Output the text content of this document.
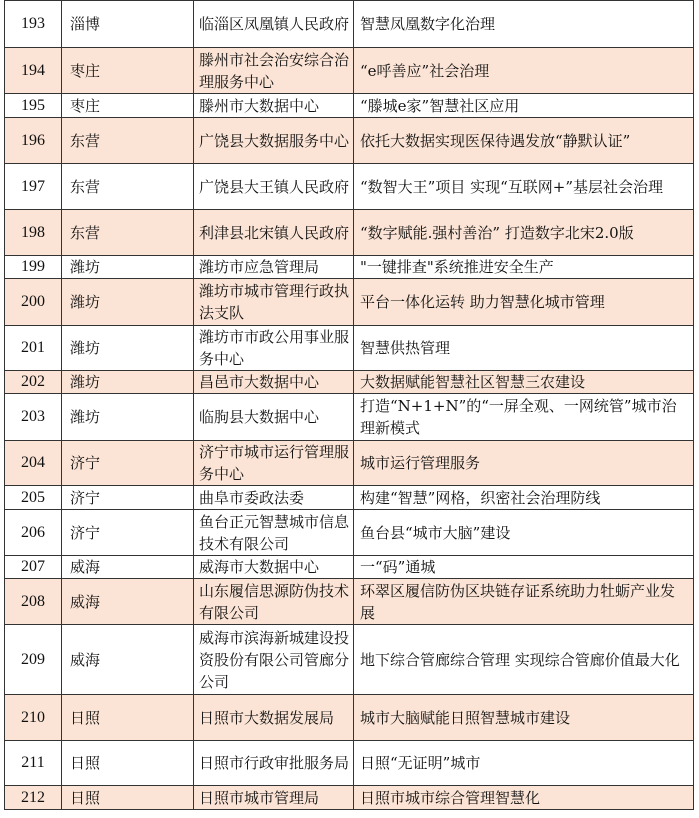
193	淄博	临淄区凤凰镇人民政府	智慧凤凰数字化治理
194	枣庄	滕州市社会治安综合治理服务中心	“e呼善应”社会治理
195	枣庄	滕州市大数据中心	“滕城e家”智慧社区应用
196	东营	广饶县大数据服务中心	依托大数据实现医保待遇发放“静默认证”
197	东营	广饶县大王镇人民政府	“数智大王”项目 实现“互联网+”基层社会治理
198	东营	利津县北宋镇人民政府	“数字赋能.强村善治” 打造数字北宋2.0版
199	潍坊	潍坊市应急管理局	"一键排查"系统推进安全生产
200	潍坊	潍坊市城市管理行政执法支队	平台一体化运转 助力智慧化城市管理
201	潍坊	潍坊市市政公用事业服务中心	智慧供热管理
202	潍坊	昌邑市大数据中心	大数据赋能智慧社区智慧三农建设
203	潍坊	临朐县大数据中心	打造“N+1+N”的“一屏全观、一网统管”城市治理新模式
204	济宁	济宁市城市运行管理服务中心	城市运行管理服务
205	济宁	曲阜市委政法委	构建“智慧”网格，织密社会治理防线
206	济宁	鱼台正元智慧城市信息技术有限公司	鱼台县“城市大脑”建设
207	威海	威海市大数据中心	一“码”通城
208	威海	山东履信思源防伪技术有限公司	环翠区履信防伪区块链存证系统助力牡蛎产业发展
209	威海	威海市滨海新城建设投资股份有限公司管廊分公司	地下综合管廊综合管理 实现综合管廊价值最大化
210	日照	日照市大数据发展局	城市大脑赋能日照智慧城市建设
211	日照	日照市行政审批服务局	日照“无证明”城市
212	日照	日照市城市管理局	日照市城市综合管理智慧化
